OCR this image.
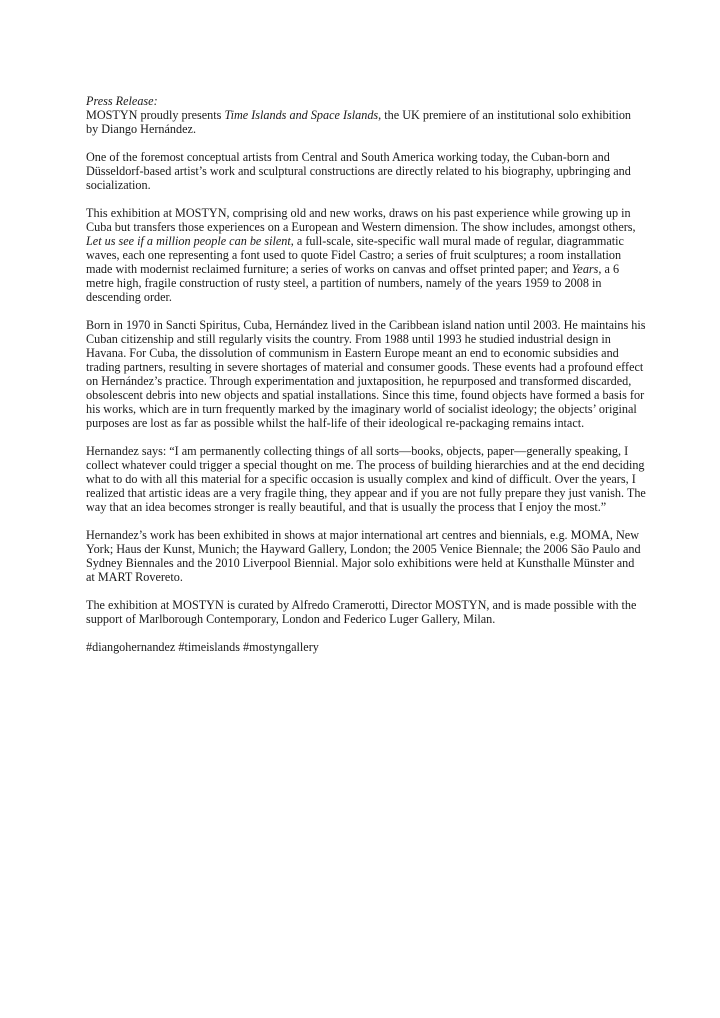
Press Release:
MOSTYN proudly presents Time Islands and Space Islands, the UK premiere of an institutional solo exhibition by Diango Hernández.

One of the foremost conceptual artists from Central and South America working today, the Cuban-born and Düsseldorf-based artist’s work and sculptural constructions are directly related to his biography, upbringing and socialization.

This exhibition at MOSTYN, comprising old and new works, draws on his past experience while growing up in Cuba but transfers those experiences on a European and Western dimension. The show includes, amongst others, Let us see if a million people can be silent, a full-scale, site-specific wall mural made of regular, diagrammatic waves, each one representing a font used to quote Fidel Castro; a series of fruit sculptures; a room installation made with modernist reclaimed furniture; a series of works on canvas and offset printed paper; and Years, a 6 metre high, fragile construction of rusty steel, a partition of numbers, namely of the years 1959 to 2008 in descending order.

Born in 1970 in Sancti Spiritus, Cuba, Hernández lived in the Caribbean island nation until 2003. He maintains his Cuban citizenship and still regularly visits the country. From 1988 until 1993 he studied industrial design in Havana. For Cuba, the dissolution of communism in Eastern Europe meant an end to economic subsidies and trading partners, resulting in severe shortages of material and consumer goods. These events had a profound effect on Hernández’s practice. Through experimentation and juxtaposition, he repurposed and transformed discarded, obsolescent debris into new objects and spatial installations. Since this time, found objects have formed a basis for his works, which are in turn frequently marked by the imaginary world of socialist ideology; the objects’ original purposes are lost as far as possible whilst the half-life of their ideological re-packaging remains intact.

Hernandez says: “I am permanently collecting things of all sorts—books, objects, paper—generally speaking, I collect whatever could trigger a special thought on me. The process of building hierarchies and at the end deciding what to do with all this material for a specific occasion is usually complex and kind of difficult. Over the years, I realized that artistic ideas are a very fragile thing, they appear and if you are not fully prepare they just vanish. The way that an idea becomes stronger is really beautiful, and that is usually the process that I enjoy the most.”

Hernandez’s work has been exhibited in shows at major international art centres and biennials, e.g. MOMA, New York; Haus der Kunst, Munich; the Hayward Gallery, London; the 2005 Venice Biennale; the 2006 São Paulo and Sydney Biennales and the 2010 Liverpool Biennial. Major solo exhibitions were held at Kunsthalle Münster and at MART Rovereto.

The exhibition at MOSTYN is curated by Alfredo Cramerotti, Director MOSTYN, and is made possible with the support of Marlborough Contemporary, London and Federico Luger Gallery, Milan.

#diangohernandez #timeislands #mostyngallery
